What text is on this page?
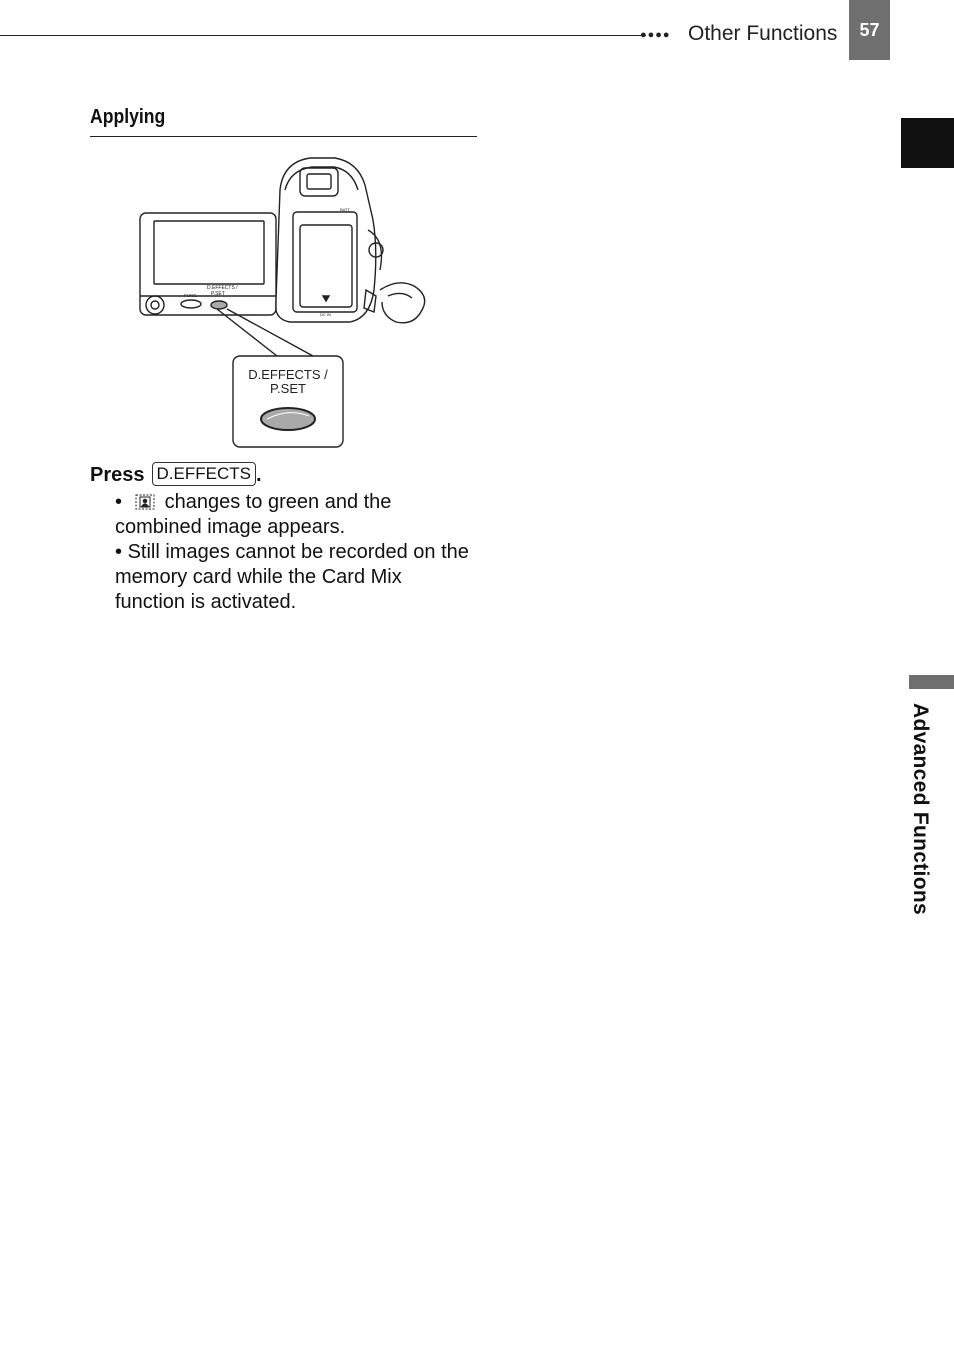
●●●● Other Functions 57
Advanced Functions
Applying
FUNC.
D.EFFECTS /
P.SET
BATT.
DC IN
D.EFFECTS /
P.SET
Press D.EFFECTS .

• changes to green and the combined image appears.

• Still images cannot be recorded on the memory card while the Card Mix function is activated.
